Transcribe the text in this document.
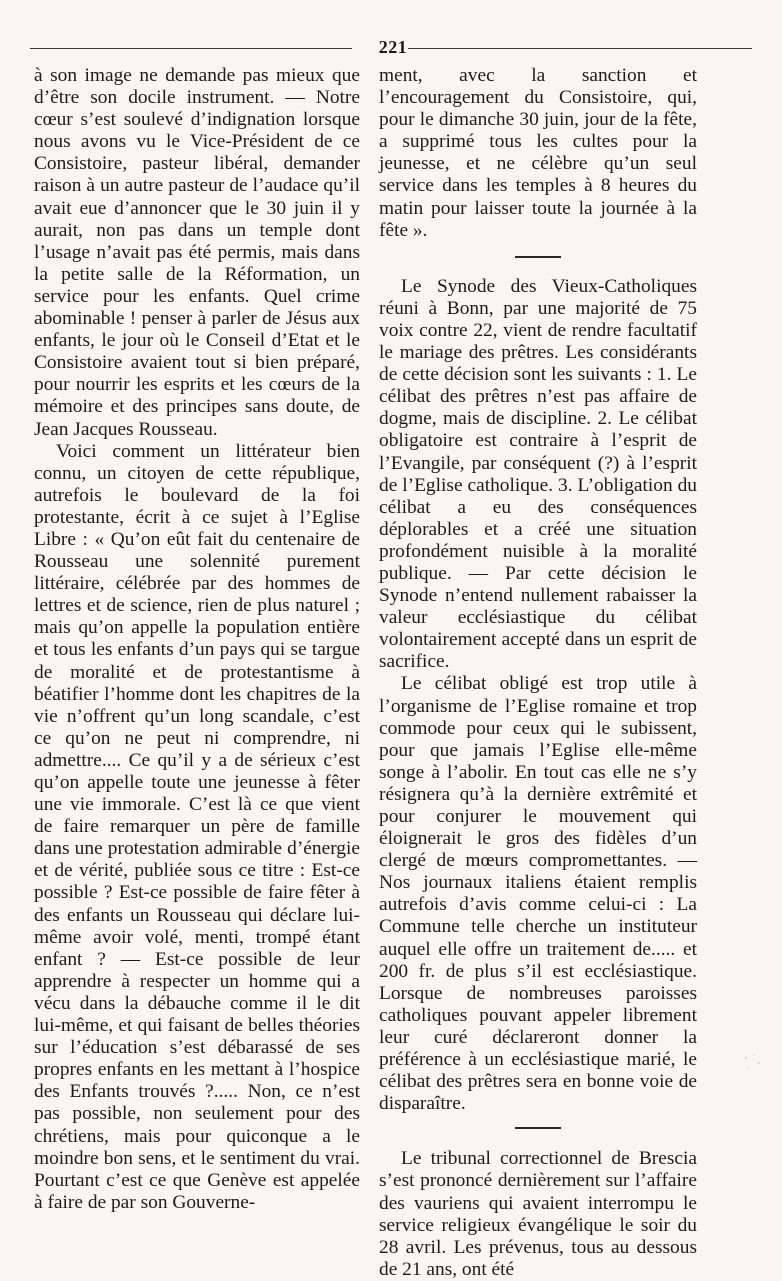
221

à son image ne demande pas mieux que d’être son docile instrument. — Notre cœur s’est soulevé d’indignation lorsque nous avons vu le Vice-Président de ce Consistoire, pasteur libéral, demander raison à un autre pasteur de l’audace qu’il avait eue d’annoncer que le 30 juin il y aurait, non pas dans un temple dont l’usage n’avait pas été permis, mais dans la petite salle de la Réformation, un service pour les enfants. Quel crime abominable ! penser à parler de Jésus aux enfants, le jour où le Conseil d’Etat et le Consistoire avaient tout si bien préparé, pour nourrir les esprits et les cœurs de la mémoire et des principes sans doute, de Jean Jacques Rousseau.

Voici comment un littérateur bien connu, un citoyen de cette république, autrefois le boulevard de la foi protestante, écrit à ce sujet à l’Eglise Libre : « Qu’on eût fait du centenaire de Rousseau une solennité purement littéraire, célébrée par des hommes de lettres et de science, rien de plus naturel ; mais qu’on appelle la population entière et tous les enfants d’un pays qui se targue de moralité et de protestantisme à béatifier l’homme dont les chapitres de la vie n’offrent qu’un long scandale, c’est ce qu’on ne peut ni comprendre, ni admettre.... Ce qu’il y a de sérieux c’est qu’on appelle toute une jeunesse à fêter une vie immorale. C’est là ce que vient de faire remarquer un père de famille dans une protestation admirable d’énergie et de vérité, publiée sous ce titre : Est-ce possible ? Est-ce possible de faire fêter à des enfants un Rousseau qui déclare lui-même avoir volé, menti, trompé étant enfant ? — Est-ce possible de leur apprendre à respecter un homme qui a vécu dans la débauche comme il le dit lui-même, et qui faisant de belles théories sur l’éducation s’est débarassé de ses propres enfants en les mettant à l’hospice des Enfants trouvés ?..... Non, ce n’est pas possible, non seulement pour des chrétiens, mais pour quiconque a le moindre bon sens, et le sentiment du vrai. Pourtant c’est ce que Genève est appelée à faire de par son Gouverne-

ment, avec la sanction et l’encouragement du Consistoire, qui, pour le dimanche 30 juin, jour de la fête, a supprimé tous les cultes pour la jeunesse, et ne célèbre qu’un seul service dans les temples à 8 heures du matin pour laisser toute la journée à la fête ».

Le Synode des Vieux-Catholiques réuni à Bonn, par une majorité de 75 voix contre 22, vient de rendre facultatif le mariage des prêtres. Les considérants de cette décision sont les suivants : 1. Le célibat des prêtres n’est pas affaire de dogme, mais de discipline. 2. Le célibat obligatoire est contraire à l’esprit de l’Evangile, par conséquent (?) à l’esprit de l’Eglise catholique. 3. L’obligation du célibat a eu des conséquences déplorables et a créé une situation profondément nuisible à la moralité publique. — Par cette décision le Synode n’entend nullement rabaisser la valeur ecclésiastique du célibat volontairement accepté dans un esprit de sacrifice.

Le célibat obligé est trop utile à l’organisme de l’Eglise romaine et trop commode pour ceux qui le subissent, pour que jamais l’Eglise elle-même songe à l’abolir. En tout cas elle ne s’y résignera qu’à la dernière extrêmité et pour conjurer le mouvement qui éloignerait le gros des fidèles d’un clergé de mœurs compromettantes. — Nos journaux italiens étaient remplis autrefois d’avis comme celui-ci : La Commune telle cherche un instituteur auquel elle offre un traitement de..... et 200 fr. de plus s’il est ecclésiastique. Lorsque de nombreuses paroisses catholiques pouvant appeler librement leur curé déclareront donner la préférence à un ecclésiastique marié, le célibat des prêtres sera en bonne voie de disparaître.

Le tribunal correctionnel de Brescia s’est prononcé dernièrement sur l’affaire des vauriens qui avaient interrompu le service religieux évangélique le soir du 28 avril. Les prévenus, tous au dessous de 21 ans, ont été
